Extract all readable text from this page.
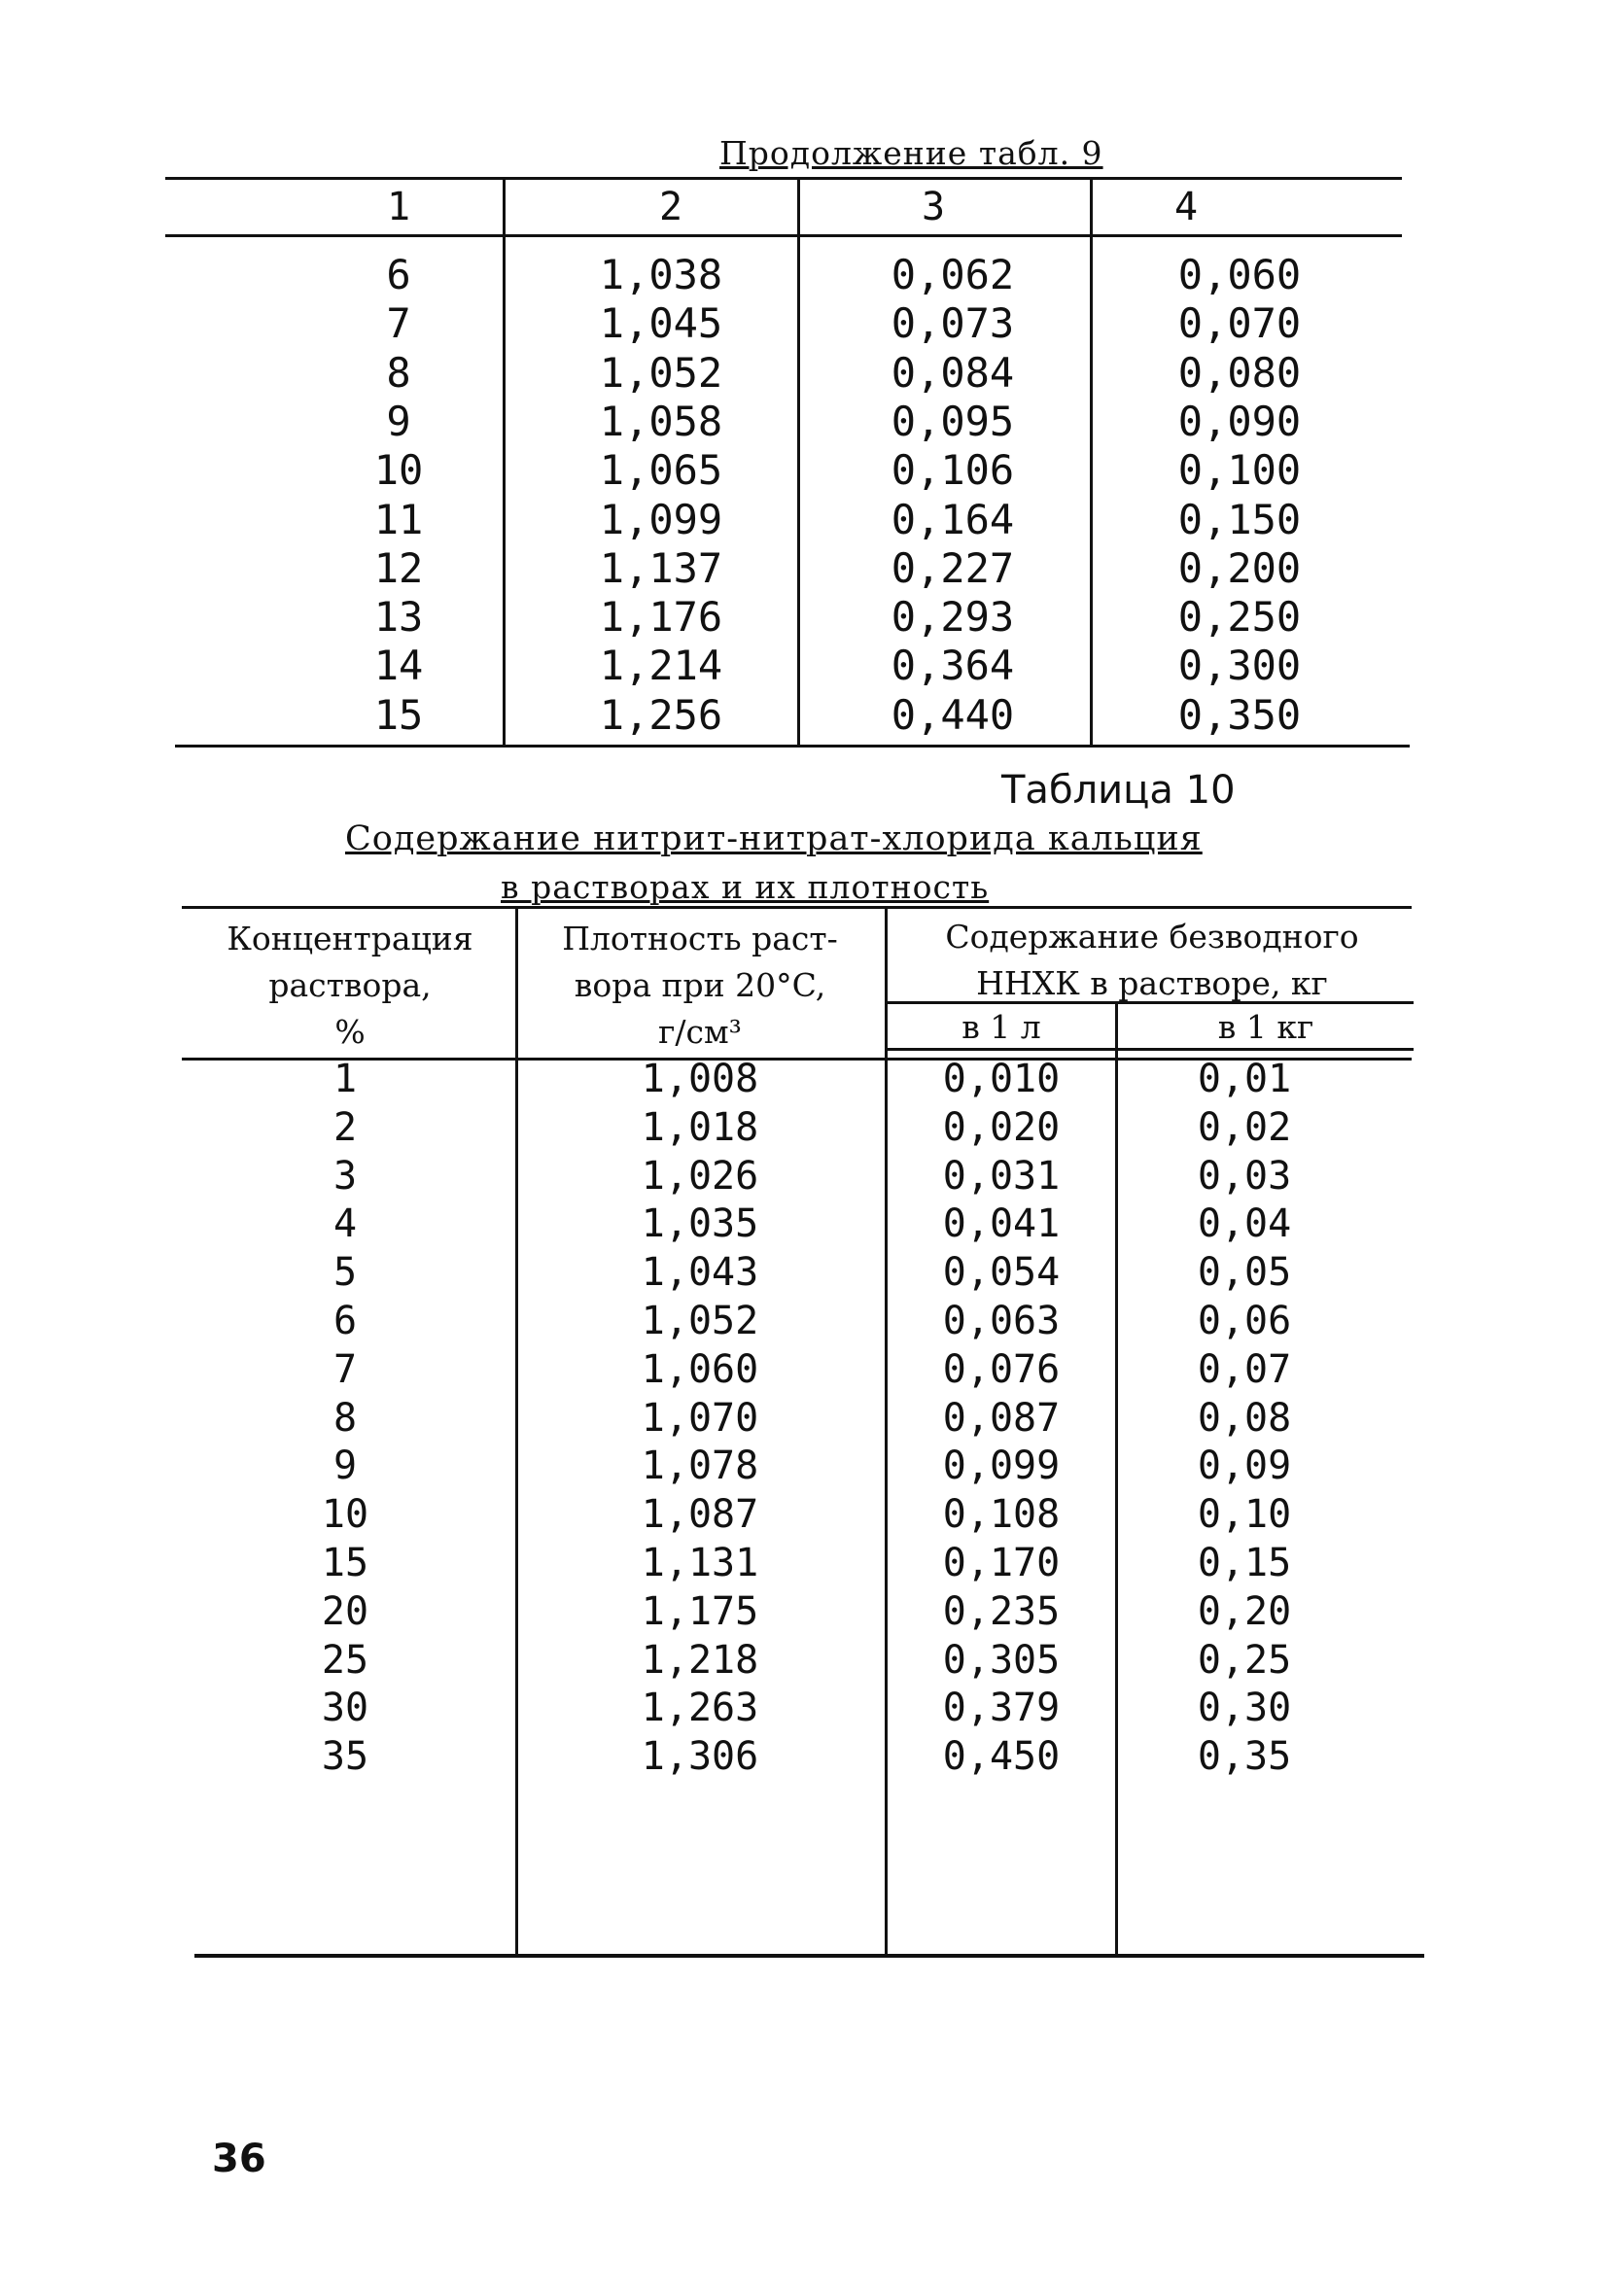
Продолжение табл. 9
1	2	3	4
6	1,038	0,062	0,060
7	1,045	0,073	0,070
8	1,052	0,084	0,080
9	1,058	0,095	0,090
10	1,065	0,106	0,100
11	1,099	0,164	0,150
12	1,137	0,227	0,200
13	1,176	0,293	0,250
14	1,214	0,364	0,300
15	1,256	0,440	0,350
Таблица 10
Содержание нитрит-нитрат-хлорида кальция
в растворах и их плотность
Концентрация
раствора,
%
Плотность раст-
вора при 20°C,
г/см³
Содержание безводного
ННХК в растворе, кг
в 1 л	в 1 кг
1	1,008	0,010	0,01
2	1,018	0,020	0,02
3	1,026	0,031	0,03
4	1,035	0,041	0,04
5	1,043	0,054	0,05
6	1,052	0,063	0,06
7	1,060	0,076	0,07
8	1,070	0,087	0,08
9	1,078	0,099	0,09
10	1,087	0,108	0,10
15	1,131	0,170	0,15
20	1,175	0,235	0,20
25	1,218	0,305	0,25
30	1,263	0,379	0,30
35	1,306	0,450	0,35
36
